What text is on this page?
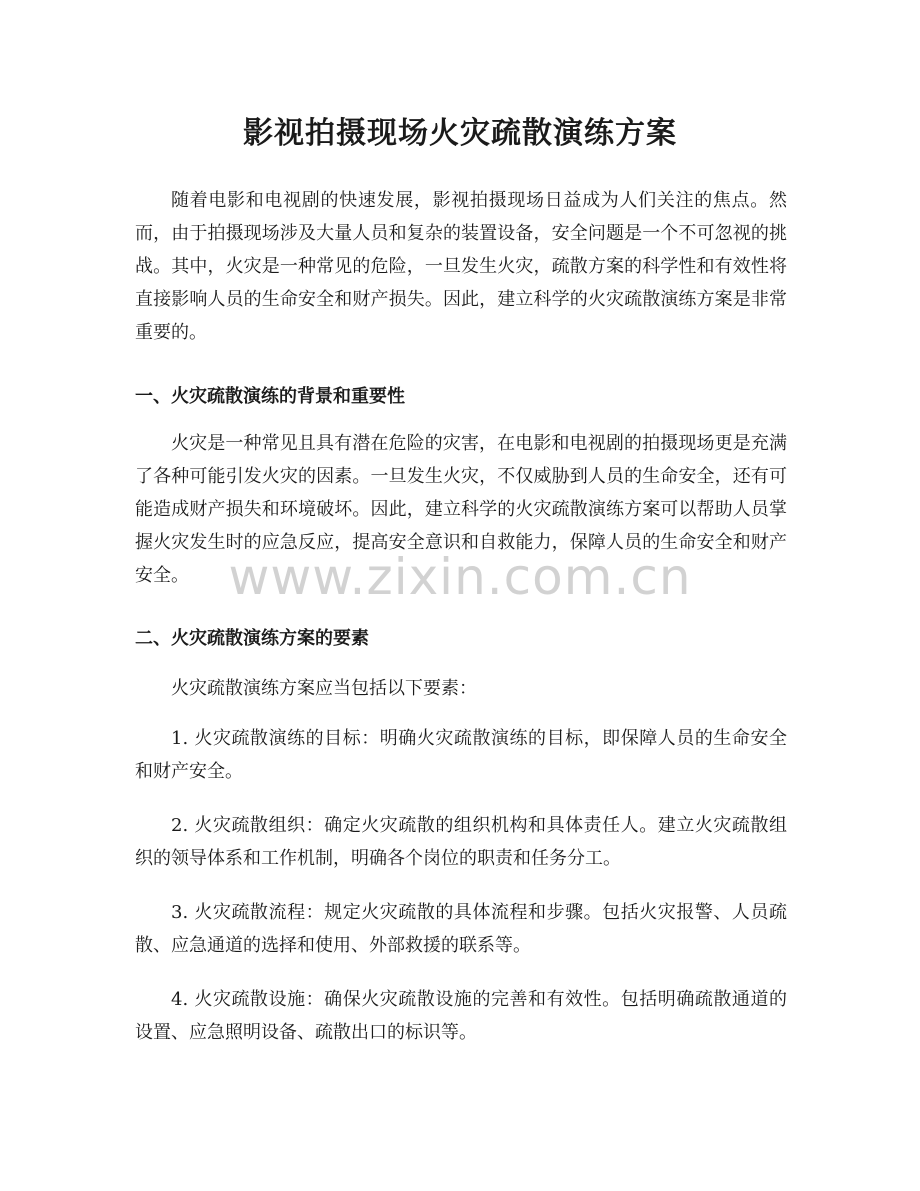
影视拍摄现场火灾疏散演练方案

随着电影和电视剧的快速发展，影视拍摄现场日益成为人们关注的焦点。然而，由于拍摄现场涉及大量人员和复杂的装置设备，安全问题是一个不可忽视的挑战。其中，火灾是一种常见的危险，一旦发生火灾，疏散方案的科学性和有效性将直接影响人员的生命安全和财产损失。因此，建立科学的火灾疏散演练方案是非常重要的。

一、火灾疏散演练的背景和重要性

火灾是一种常见且具有潜在危险的灾害，在电影和电视剧的拍摄现场更是充满了各种可能引发火灾的因素。一旦发生火灾，不仅威胁到人员的生命安全，还有可能造成财产损失和环境破坏。因此，建立科学的火灾疏散演练方案可以帮助人员掌握火灾发生时的应急反应，提高安全意识和自救能力，保障人员的生命安全和财产安全。 www.zixin.com.cn
二、火灾疏散演练方案的要素

火灾疏散演练方案应当包括以下要素：

1. 火灾疏散演练的目标：明确火灾疏散演练的目标，即保障人员的生命安全和财产安全。

2. 火灾疏散组织：确定火灾疏散的组织机构和具体责任人。建立火灾疏散组织的领导体系和工作机制，明确各个岗位的职责和任务分工。

3. 火灾疏散流程：规定火灾疏散的具体流程和步骤。包括火灾报警、人员疏散、应急通道的选择和使用、外部救援的联系等。

4. 火灾疏散设施：确保火灾疏散设施的完善和有效性。包括明确疏散通道的设置、应急照明设备、疏散出口的标识等。
